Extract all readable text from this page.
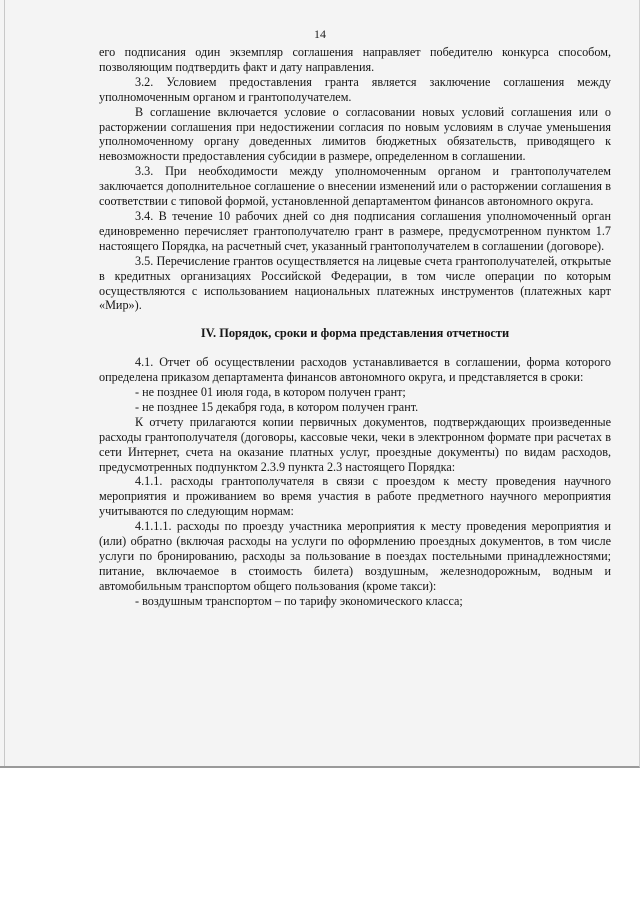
14

его подписания один экземпляр соглашения направляет победителю конкурса способом, позволяющим подтвердить факт и дату направления.

3.2. Условием предоставления гранта является заключение соглашения между уполномоченным органом и грантополучателем.

В соглашение включается условие о согласовании новых условий соглашения или о расторжении соглашения при недостижении согласия по новым условиям в случае уменьшения уполномоченному органу доведенных лимитов бюджетных обязательств, приводящего к невозможности предоставления субсидии в размере, определенном в соглашении.

3.3. При необходимости между уполномоченным органом и грантополучателем заключается дополнительное соглашение о внесении изменений или о расторжении соглашения в соответствии с типовой формой, установленной департаментом финансов автономного округа.

3.4. В течение 10 рабочих дней со дня подписания соглашения уполномоченный орган единовременно перечисляет грантополучателю грант в размере, предусмотренном пунктом 1.7 настоящего Порядка, на расчетный счет, указанный грантополучателем в соглашении (договоре).

3.5. Перечисление грантов осуществляется на лицевые счета грантополучателей, открытые в кредитных организациях Российской Федерации, в том числе операции по которым осуществляются с использованием национальных платежных инструментов (платежных карт «Мир»).

IV. Порядок, сроки и форма представления отчетности

4.1. Отчет об осуществлении расходов устанавливается в соглашении, форма которого определена приказом департамента финансов автономного округа, и представляется в сроки:

- не позднее 01 июля года, в котором получен грант;

- не позднее 15 декабря года, в котором получен грант.

К отчету прилагаются копии первичных документов, подтверждающих произведенные расходы грантополучателя (договоры, кассовые чеки, чеки в электронном формате при расчетах в сети Интернет, счета на оказание платных услуг, проездные документы) по видам расходов, предусмотренных подпунктом 2.3.9 пункта 2.3 настоящего Порядка:

4.1.1. расходы грантополучателя в связи с проездом к месту проведения научного мероприятия и проживанием во время участия в работе предметного научного мероприятия учитываются по следующим нормам:

4.1.1.1. расходы по проезду участника мероприятия к месту проведения мероприятия и (или) обратно (включая расходы на услуги по оформлению проездных документов, в том числе услуги по бронированию, расходы за пользование в поездах постельными принадлежностями; питание, включаемое в стоимость билета) воздушным, железнодорожным, водным и автомобильным транспортом общего пользования (кроме такси):

- воздушным транспортом – по тарифу экономического класса;
